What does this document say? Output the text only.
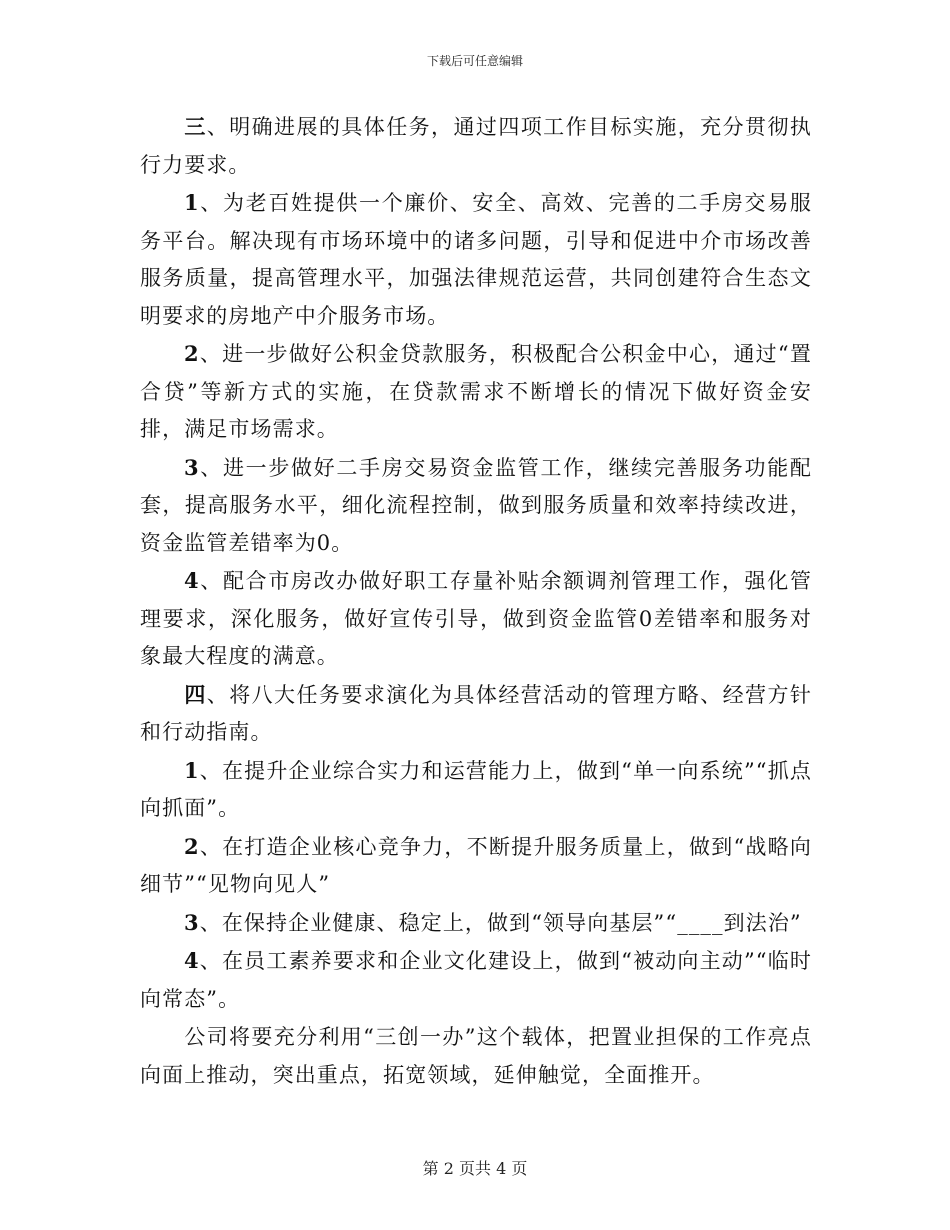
下载后可任意编辑

三、明确进展的具体任务，通过四项工作目标实施，充分贯彻执行力要求。

1、为老百姓提供一个廉价、安全、高效、完善的二手房交易服务平台。解决现有市场环境中的诸多问题，引导和促进中介市场改善服务质量，提高管理水平，加强法律规范运营，共同创建符合生态文明要求的房地产中介服务市场。

2、进一步做好公积金贷款服务，积极配合公积金中心，通过“置合贷”等新方式的实施，在贷款需求不断增长的情况下做好资金安排，满足市场需求。

3、进一步做好二手房交易资金监管工作，继续完善服务功能配套，提高服务水平，细化流程控制，做到服务质量和效率持续改进，资金监管差错率为0。

4、配合市房改办做好职工存量补贴余额调剂管理工作，强化管理要求，深化服务，做好宣传引导，做到资金监管0差错率和服务对象最大程度的满意。

四、将八大任务要求演化为具体经营活动的管理方略、经营方针和行动指南。

1、在提升企业综合实力和运营能力上，做到“单一向系统”“抓点向抓面”。

2、在打造企业核心竞争力，不断提升服务质量上，做到“战略向细节”“见物向见人”

3、在保持企业健康、稳定上，做到“领导向基层”“____到法治”

4、在员工素养要求和企业文化建设上，做到“被动向主动”“临时向常态”。

公司将要充分利用“三创一办”这个载体，把置业担保的工作亮点向面上推动，突出重点，拓宽领域，延伸触觉，全面推开。

第 2 页共 4 页
